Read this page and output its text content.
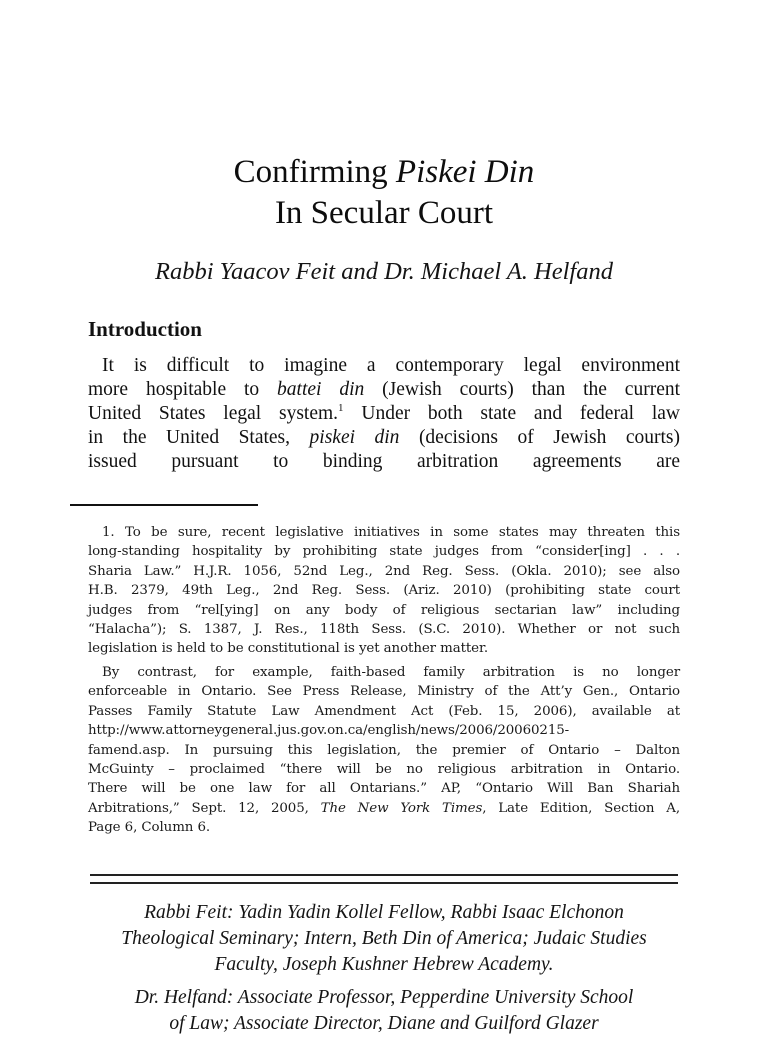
Confirming Piskei Din
In Secular Court
Rabbi Yaacov Feit and Dr. Michael A. Helfand
Introduction
It is difficult to imagine a contemporary legal environment
more hospitable to battei din (Jewish courts) than the current
United States legal system.$^1$ Under both state and federal law
in the United States, piskei din (decisions of Jewish courts)
issued pursuant to binding arbitration agreements are
1. To be sure, recent legislative initiatives in some states may threaten this
long-standing hospitality by prohibiting state judges from “consider[ing] . . .
Sharia Law.” H.J.R. 1056, 52nd Leg., 2nd Reg. Sess. (Okla. 2010); see also
H.B. 2379, 49th Leg., 2nd Reg. Sess. (Ariz. 2010) (prohibiting state court
judges from “rel[ying] on any body of religious sectarian law” including
“Halacha”); S. 1387, J. Res., 118th Sess. (S.C. 2010). Whether or not such
legislation is held to be constitutional is yet another matter.
By contrast, for example, faith-based family arbitration is no longer
enforceable in Ontario. See Press Release, Ministry of the Att’y Gen., Ontario
Passes Family Statute Law Amendment Act (Feb. 15, 2006), available at
http://www.attorneygeneral.jus.gov.on.ca/english/news/2006/20060215-
famend.asp. In pursuing this legislation, the premier of Ontario – Dalton
McGuinty – proclaimed “there will be no religious arbitration in Ontario.
There will be one law for all Ontarians.” AP, “Ontario Will Ban Shariah
Arbitrations,” Sept. 12, 2005, The New York Times, Late Edition, Section A,
Page 6, Column 6.
Rabbi Feit: Yadin Yadin Kollel Fellow, Rabbi Isaac Elchonon
Theological Seminary; Intern, Beth Din of America; Judaic Studies
Faculty, Joseph Kushner Hebrew Academy.
Dr. Helfand: Associate Professor, Pepperdine University School
of Law; Associate Director, Diane and Guilford Glazer
